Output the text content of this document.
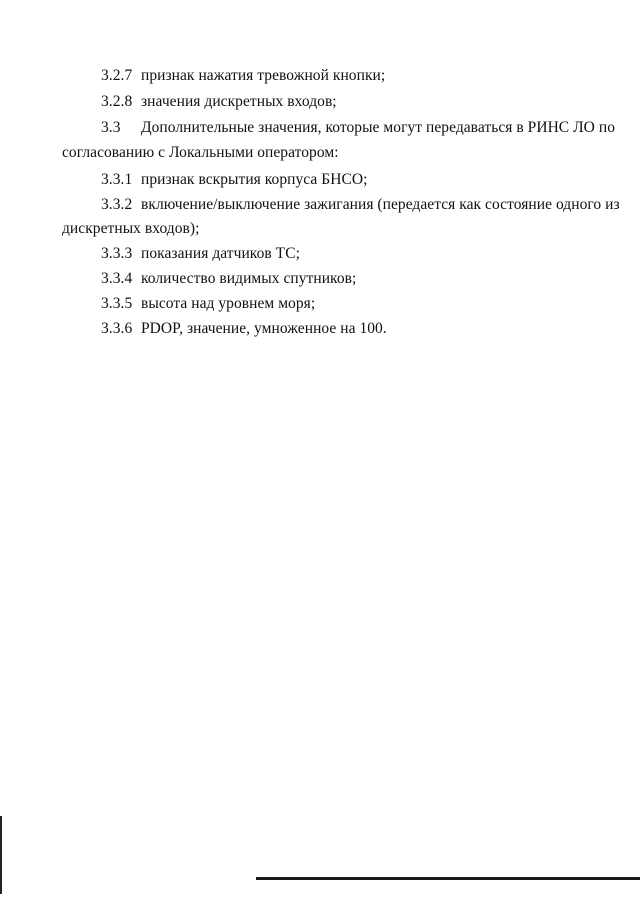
3.2.7 признак нажатия тревожной кнопки;
3.2.8 значения дискретных входов;
3.3 Дополнительные значения, которые могут передаваться в РИНС ЛО по
согласованию с Локальными оператором:
3.3.1 признак вскрытия корпуса БНСО;
3.3.2 включение/выключение зажигания (передается как состояние одного из
дискретных входов);
3.3.3 показания датчиков ТС;
3.3.4 количество видимых спутников;
3.3.5 высота над уровнем моря;
3.3.6 PDOP, значение, умноженное на 100.
